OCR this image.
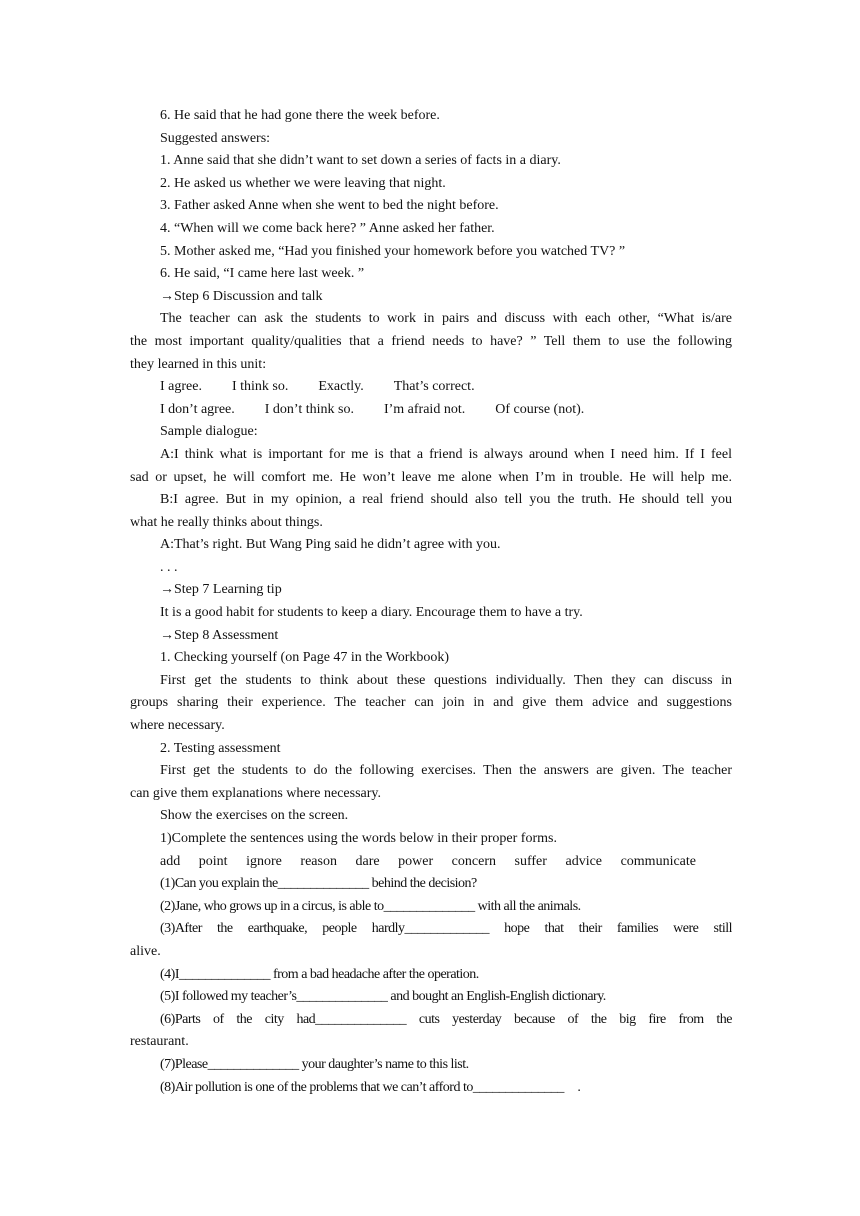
6. He said that he had gone there the week before.
Suggested answers:
1. Anne said that she didn’t want to set down a series of facts in a diary.
2. He asked us whether we were leaving that night.
3. Father asked Anne when she went to bed the night before.
4. “When will we come back here? ” Anne asked her father.
5. Mother asked me, “Had you finished your homework before you watched TV? ”
6. He said, “I came here last week. ”
→Step 6 Discussion and talk
The teacher can ask the students to work in pairs and discuss with each other, “What is/are
the most important quality/qualities that a friend needs to have? ” Tell them to use the following
they learned in this unit:
I agree. I think so. Exactly. That’s correct.
I don’t agree. I don’t think so. I’m afraid not. Of course (not).
Sample dialogue:
A:I think what is important for me is that a friend is always around when I need him. If I feel
sad or upset, he will comfort me. He won’t leave me alone when I’m in trouble. He will help me.
B:I agree. But in my opinion, a real friend should also tell you the truth. He should tell you
what he really thinks about things.
A:That’s right. But Wang Ping said he didn’t agree with you.
. . .
→Step 7 Learning tip
It is a good habit for students to keep a diary. Encourage them to have a try.
→Step 8 Assessment
1. Checking yourself (on Page 47 in the Workbook)
First get the students to think about these questions individually. Then they can discuss in
groups sharing their experience. The teacher can join in and give them advice and suggestions
where necessary.
2. Testing assessment
First get the students to do the following exercises. Then the answers are given. The teacher
can give them explanations where necessary.
Show the exercises on the screen.
1)Complete the sentences using the words below in their proper forms.
add　point　ignore　reason　dare　power　concern　suffer　advice　communicate
(1)Can you explain the______________ behind the decision?
(2)Jane, who grows up in a circus, is able to______________ with all the animals.
(3)After the earthquake, people hardly_____________ hope that their families were still
alive.
(4)I______________ from a bad headache after the operation.
(5)I followed my teacher’s______________ and bought an English-English dictionary.
(6)Parts of the city had______________ cuts yesterday because of the big fire from the
restaurant.
(7)Please______________ your daughter’s name to this list.
(8)Air pollution is one of the problems that we can’t afford to______________　.
